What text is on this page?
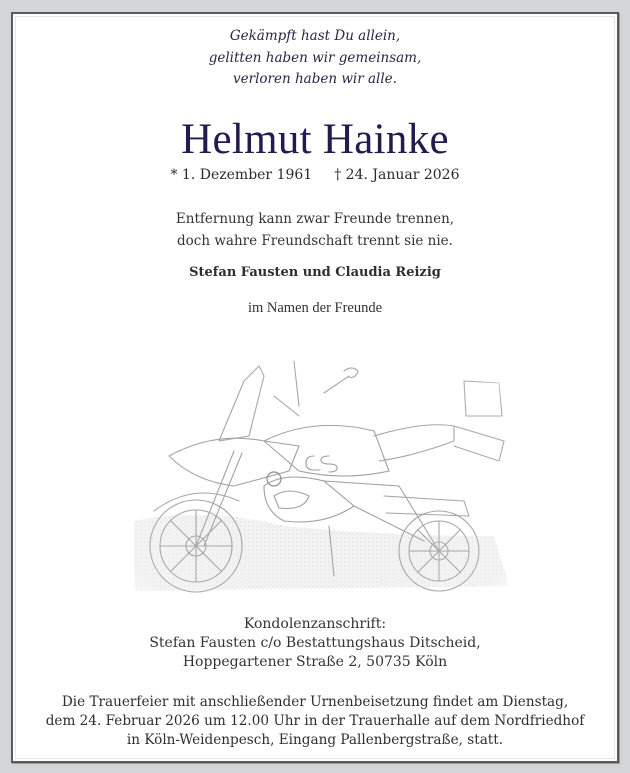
Gekämpft hast Du allein,
gelitten haben wir gemeinsam,
verloren haben wir alle.
Helmut Hainke
* 1. Dezember 1961 † 24. Januar 2026
Entfernung kann zwar Freunde trennen,
doch wahre Freundschaft trennt sie nie.
Stefan Fausten und Claudia Reizig
im Namen der Freunde
Kondolenzanschrift:
Stefan Fausten c/o Bestattungshaus Ditscheid,
Hoppegartener Straße 2, 50735 Köln
Die Trauerfeier mit anschließender Urnenbeisetzung findet am Dienstag,
dem 24. Februar 2026 um 12.00 Uhr in der Trauerhalle auf dem Nordfriedhof
in Köln-Weidenpesch, Eingang Pallenbergstraße, statt.
